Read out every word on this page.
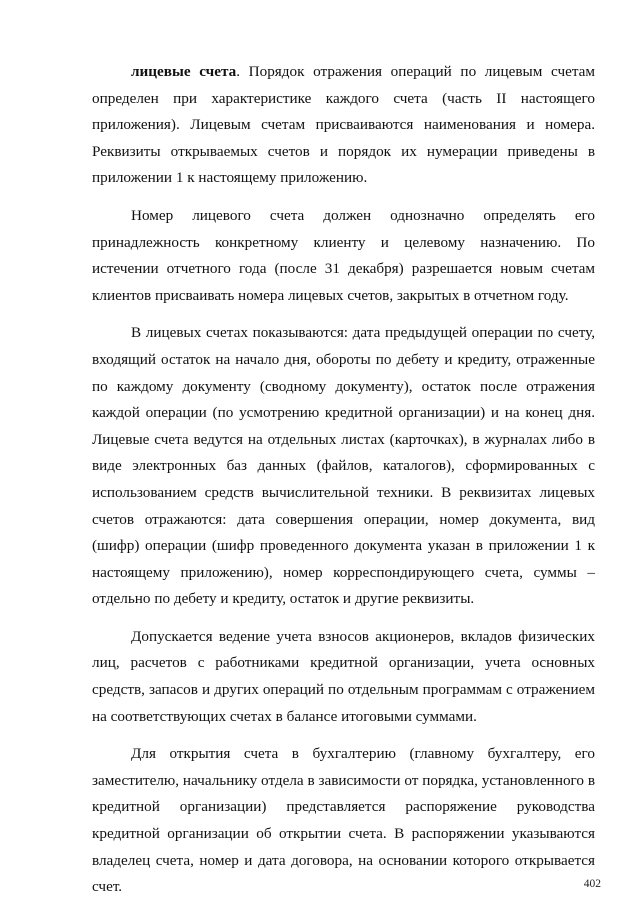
лицевые счета. Порядок отражения операций по лицевым счетам определен при характеристике каждого счета (часть II настоящего приложения). Лицевым счетам присваиваются наименования и номера. Реквизиты открываемых счетов и порядок их нумерации приведены в приложении 1 к настоящему приложению.

Номер лицевого счета должен однозначно определять его принадлежность конкретному клиенту и целевому назначению. По истечении отчетного года (после 31 декабря) разрешается новым счетам клиентов присваивать номера лицевых счетов, закрытых в отчетном году.

В лицевых счетах показываются: дата предыдущей операции по счету, входящий остаток на начало дня, обороты по дебету и кредиту, отраженные по каждому документу (сводному документу), остаток после отражения каждой операции (по усмотрению кредитной организации) и на конец дня. Лицевые счета ведутся на отдельных листах (карточках), в журналах либо в виде электронных баз данных (файлов, каталогов), сформированных с использованием средств вычислительной техники. В реквизитах лицевых счетов отражаются: дата совершения операции, номер документа, вид (шифр) операции (шифр проведенного документа указан в приложении 1 к настоящему приложению), номер корреспондирующего счета, суммы – отдельно по дебету и кредиту, остаток и другие реквизиты.

Допускается ведение учета взносов акционеров, вкладов физических лиц, расчетов с работниками кредитной организации, учета основных средств, запасов и других операций по отдельным программам с отражением на соответствующих счетах в балансе итоговыми суммами.

Для открытия счета в бухгалтерию (главному бухгалтеру, его заместителю, начальнику отдела в зависимости от порядка, установленного в кредитной организации) представляется распоряжение руководства кредитной организации об открытии счета. В распоряжении указываются владелец счета, номер и дата договора, на основании которого открывается счет.	402
